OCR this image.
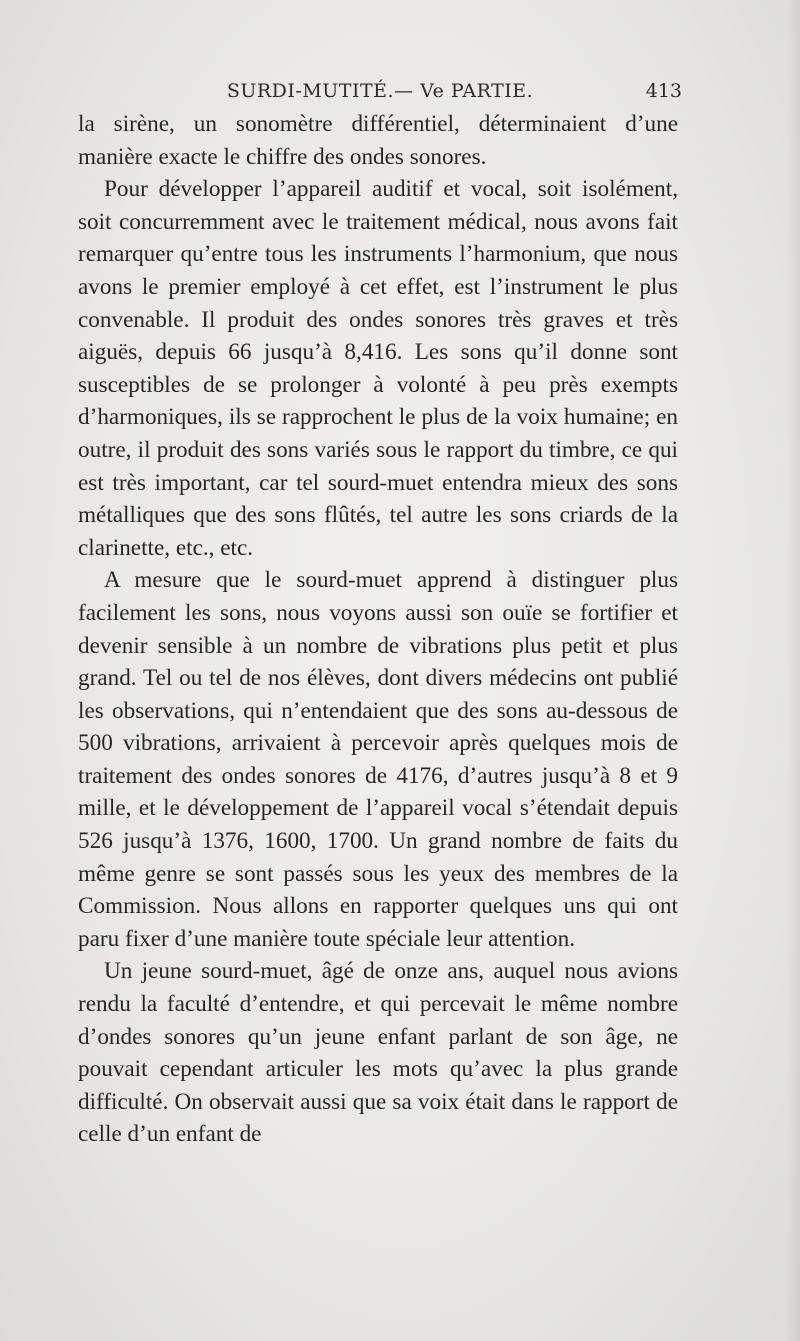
SURDI-MUTITÉ.— Ve PARTIE.	413

la sirène, un sonomètre différentiel, déterminaient d’une manière exacte le chiffre des ondes sonores.

Pour développer l’appareil auditif et vocal, soit isolément, soit concurremment avec le traitement médical, nous avons fait remarquer qu’entre tous les instruments l’harmonium, que nous avons le premier employé à cet effet, est l’instrument le plus convenable. Il produit des ondes sonores très graves et très aiguës, depuis 66 jusqu’à 8,416. Les sons qu’il donne sont susceptibles de se prolonger à volonté à peu près exempts d’harmoniques, ils se rapprochent le plus de la voix humaine; en outre, il produit des sons variés sous le rapport du timbre, ce qui est très important, car tel sourd-muet entendra mieux des sons métalliques que des sons flûtés, tel autre les sons criards de la clarinette, etc., etc.

A mesure que le sourd-muet apprend à distinguer plus facilement les sons, nous voyons aussi son ouïe se fortifier et devenir sensible à un nombre de vibrations plus petit et plus grand. Tel ou tel de nos élèves, dont divers médecins ont publié les observations, qui n’entendaient que des sons au-dessous de 500 vibrations, arrivaient à percevoir après quelques mois de traitement des ondes sonores de 4176, d’autres jusqu’à 8 et 9 mille, et le développement de l’appareil vocal s’étendait depuis 526 jusqu’à 1376, 1600, 1700. Un grand nombre de faits du même genre se sont passés sous les yeux des membres de la Commission. Nous allons en rapporter quelques uns qui ont paru fixer d’une manière toute spéciale leur attention.

Un jeune sourd-muet, âgé de onze ans, auquel nous avions rendu la faculté d’entendre, et qui percevait le même nombre d’ondes sonores qu’un jeune enfant parlant de son âge, ne pouvait cependant articuler les mots qu’avec la plus grande difficulté. On observait aussi que sa voix était dans le rapport de celle d’un enfant de
